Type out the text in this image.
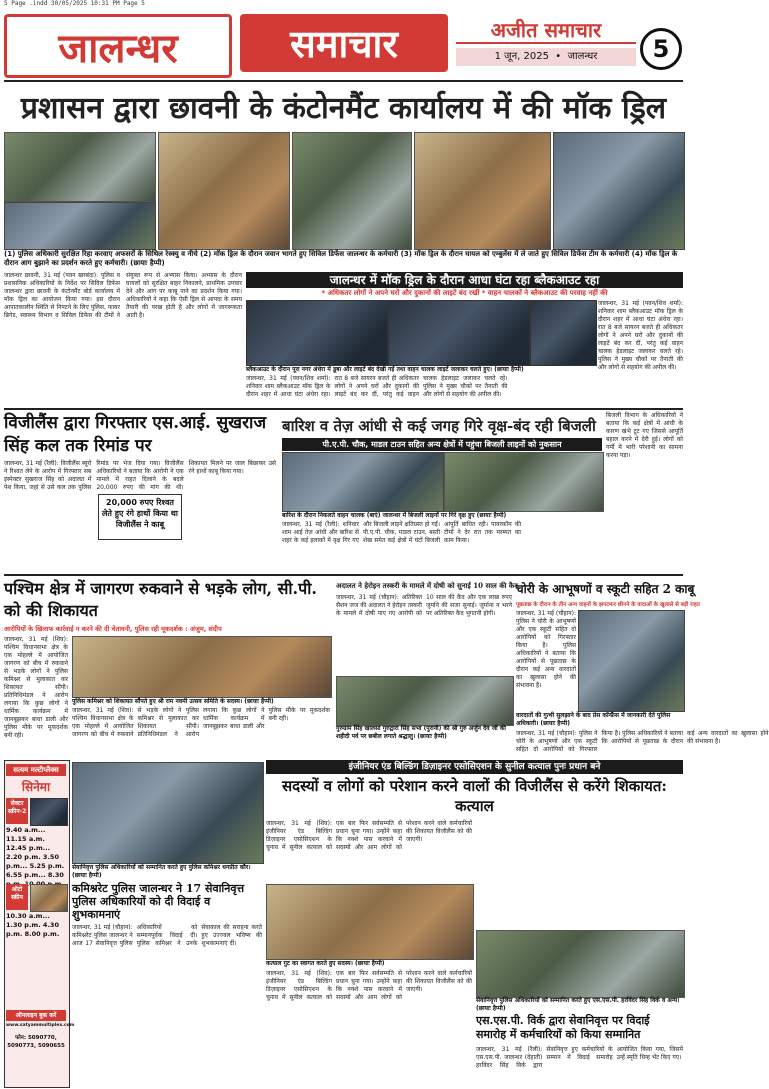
5 Page .indd 30/05/2025 10:31 PM Page 5
जालन्धर	समाचार	अजीत समाचार
1 जून, 2025  •  जालन्धर	5
प्रशासन द्वारा छावनी के कंटोनमैंट कार्यालय में की मॉक ड्रिल
(1) पुलिस अधिकारी सुरक्षित रिहा करवाए अफसरों के सिथिल रेस्क्यु व नीचे (2) मॉक ड्रिल के दौरान जवान भागते हुए सिविल डिफेंस जालन्धर के कर्मचारी (3) मॉक ड्रिल के दौरान घायल को एम्बुलेंस में ले जाते हुए सिविल डिफेंस टीम के कर्मचारी (4) मॉक ड्रिल के दौरान आग बुझाने का प्रदर्शन करते हुए कर्मचारी। (छायाः हैप्पी)
जालन्धर छावनी, 31 मई (पवन खरबंदा): पुलिस व प्रशासनिक अधिकारियों के निर्देश पर सिविल डिफेंस जालन्धर द्वारा छावनी के कंटोनमैंट बोर्ड कार्यालय में मॉक ड्रिल का आयोजन किया गया। इस दौरान आपातकालीन स्थिति से निपटने के लिए पुलिस, फायर ब्रिगेड, स्वास्थ्य विभाग व सिविल डिफेंस की टीमों ने संयुक्त रूप से अभ्यास किया। अभ्यास के दौरान घायलों को सुरक्षित बाहर निकालने, प्राथमिक उपचार देने और आग पर काबू पाने का प्रदर्शन किया गया। अधिकारियों ने कहा कि ऐसी ड्रिल से आपदा के समय तैयारी की परख होती है और लोगों में जागरूकता आती है।
जालन्धर में मॉक ड्रिल के दौरान आधा घंटा रहा ब्लैकआउट रहा
* अधिकतर लोगों ने अपने घरों और दुकानों की लाइटें बंद रखीं * वाहन चालकों ने ब्लैकआउट की परवाह नहीं की
जालन्धर, 31 मई (पवन/शिव शर्मा): शनिवार शाम ब्लैकआउट मॉक ड्रिल के दौरान शहर में आधा घंटा अंधेरा रहा। रात 8 बजे सायरन बजते ही अधिकतर लोगों ने अपने घरों और दुकानों की लाइटें बंद कर दीं, परंतु कई वाहन चालक हेडलाइट जलाकर चलते रहे। पुलिस ने मुख्य चौकों पर तैनाती की और लोगों से सहयोग की अपील की।
ब्लैकआउट के दौरान पूरा नगर अंधेरा में डूबा और लाइटें बंद देखी गईं तथा वाहन चालक लाइटें जलाकर चलते हुए। (छायाः हैप्पी)
जालन्धर, 31 मई (पवन/शिव शर्मा): शनिवार शाम ब्लैकआउट मॉक ड्रिल के दौरान शहर में आधा घंटा अंधेरा रहा। रात 8 बजे सायरन बजते ही अधिकतर लोगों ने अपने घरों और दुकानों की लाइटें बंद कर दीं, परंतु कई वाहन चालक हेडलाइट जलाकर चलते रहे। पुलिस ने मुख्य चौकों पर तैनाती की और लोगों से सहयोग की अपील की।
विजीलैंस द्वारा गिरफ्तार एस.आई. सुखराज सिंह कल तक रिमांड पर
जालन्धर, 31 मई (रैली): विजीलैंस ब्यूरो ने रिश्वत लेने के आरोप में गिरफ्तार सब इंस्पेक्टर सुखराज सिंह को अदालत में पेश किया, जहां से उसे कल तक पुलिस रिमांड पर भेज दिया गया। विजीलैंस अधिकारियों ने बताया कि आरोपी ने एक मामले में राहत दिलाने के बदले 20,000 रुपए की मांग की थी। शिकायत मिलने पर जाल बिछाकर उसे रंगे हाथों काबू किया गया।
20,000 रुपए रिश्वत लेते हुए रंगे हाथों किया था विजीलैंस ने काबू
बारिश व तेज़ आंधी से कई जगह गिरे वृक्ष-बंद रही बिजली
पी.ए.पी. चौक, माडल टाउन सहित अन्य क्षेत्रों में पहुंचा बिजली लाइनों को नुकसान
बारिश के दौरान निकलते वाहन चालक (बाएं) जालन्धर में बिजली लाइनों पर गिरे वृक्ष हुए (छायाः हैप्पी)
जालन्धर, 31 मई (रैली): शनिवार शाम आई तेज़ आंधी और बारिश से शहर के कई इलाकों में वृक्ष गिर गए और बिजली लाइनें क्षतिग्रस्त हो गईं। पी.ए.पी. चौक, माडल टाउन, बस्ती शेख समेत कई क्षेत्रों में घंटों बिजली आपूर्ति बाधित रही। पावरकॉम की टीमों ने देर रात तक मरम्मत का काम किया।
बिजली विभाग के अधिकारियों ने बताया कि कई क्षेत्रों में आंधी के कारण खंभे टूट गए जिससे आपूर्ति बहाल करने में देरी हुई। लोगों को गर्मी में भारी परेशानी का सामना करना पड़ा।
पश्चिम क्षेत्र में जागरण रुकवाने से भड़के लोग, सी.पी. को की शिकायत
आरोपियों के खिलाफ कार्रवाई न करने की दी चेतावनी, पुलिस रही मूकदर्शक : अंजुम, संदीप
जालन्धर, 31 मई (शिव): पश्चिम विधानसभा क्षेत्र के एक मोहल्ले में आयोजित जागरण को बीच में रुकवाने से भड़के लोगों ने पुलिस कमिश्नर से मुलाकात कर शिकायत सौंपी। प्रतिनिधिमंडल ने आरोप लगाया कि कुछ लोगों ने धार्मिक कार्यक्रम में जानबूझकर बाधा डाली और पुलिस मौके पर मूकदर्शक बनी रही।
पुलिस कमिश्नर को शिकायत सौंपते हुए श्री राम नवमी उत्सव समिति के सदस्य। (छायाः हैप्पी)
जालन्धर, 31 मई (शिव): पश्चिम विधानसभा क्षेत्र के एक मोहल्ले में आयोजित जागरण को बीच में रुकवाने से भड़के लोगों ने पुलिस कमिश्नर से मुलाकात कर शिकायत सौंपी। प्रतिनिधिमंडल ने आरोप लगाया कि कुछ लोगों ने धार्मिक कार्यक्रम में जानबूझकर बाधा डाली और पुलिस मौके पर मूकदर्शक बनी रही।
अदालत ने हेरोइन तस्करी के मामले में दोषी को सुनाई 10 साल की कैद
जालन्धर, 31 मई (चौहान): अतिरिक्त सैशन जज की अदालत ने हेरोइन तस्करी के मामले में दोषी पाए गए आरोपी को 10 साल की कैद और एक लाख रुपए जुर्माने की सजा सुनाई। जुर्माना न भरने पर अतिरिक्त कैद भुगतनी होगी।
गुरुग्राम सिंह खालसा गुरुद्वारा सिंह सभा (पुरानी) की श्री गुरु अर्जुन देव जी की शहीदी पर्व पर छबील लगाते श्रद्धालु। (छायाः हैप्पी)
चोरी के आभूषणों व स्कूटी सहित 2 काबू
पूछताछ के दौरान के तीन अन्य वाहनों के झपटमार छीनने के वादाओं के खुलासे से बड़ी राहत
जालन्धर, 31 मई (चौहान): पुलिस ने चोरी के आभूषणों और एक स्कूटी सहित दो आरोपियों को गिरफ्तार किया है। पुलिस अधिकारियों ने बताया कि आरोपियों से पूछताछ के दौरान कई अन्य वारदातों का खुलासा होने की संभावना है।
वारदातों की गुत्थी सुलझाने के बाद प्रेस कॉन्फ्रैंस में जानकारी देते पुलिस अधिकारी। (छायाः हैप्पी)
जालन्धर, 31 मई (चौहान): पुलिस ने चोरी के आभूषणों और एक स्कूटी सहित दो आरोपियों को गिरफ्तार किया है। पुलिस अधिकारियों ने बताया कि आरोपियों से पूछताछ के दौरान कई अन्य वारदातों का खुलासा होने की संभावना है।
इंजीनियर एंड बिल्डिंग डिज़ाइनर एसोसिएशन के सुनील कत्याल पुनः प्रधान बने
सदस्यों व लोगों को परेशान करने वालों की विजीलैंस से करेंगे शिकायत: कत्याल
जालन्धर, 31 मई (शिव): इंजीनियर एंड बिल्डिंग डिज़ाइनर एसोसिएशन के चुनाव में सुनील कत्याल को एक बार फिर सर्वसम्मति से प्रधान चुना गया। उन्होंने कहा कि नक्शे पास करवाने में सदस्यों और आम लोगों को परेशान करने वाले कर्मचारियों की शिकायत विजीलैंस को की जाएगी।
कत्याल गुट का स्वागत करते हुए सदस्य। (छायाः हैप्पी)
जालन्धर, 31 मई (शिव): इंजीनियर एंड बिल्डिंग डिज़ाइनर एसोसिएशन के चुनाव में सुनील कत्याल को एक बार फिर सर्वसम्मति से प्रधान चुना गया। उन्होंने कहा कि नक्शे पास करवाने में सदस्यों और आम लोगों को परेशान करने वाले कर्मचारियों की शिकायत विजीलैंस को की जाएगी।
सत्यम मल्टीप्लैक्स
सिनेमा
सेक्टर स्क्रीन-2
9.40 a.m... 11.15 a.m. 12.45 p.m... 2.20 p.m. 3.50 p.m... 5.25 p.m. 6.55 p.m... 8.30
ऑटो स्क्रीन
10.30 a.m... 1.30 p.m. 4.30 p.m. 8.00 p.m.
ऑनलाइन बुक करें
www.satyammultiplex.com
फोन: 5090770, 5090773, 5090655
सेवानिवृत्त पुलिस अधिकारियों को सम्मानित करते हुए पुलिस कमिश्नर धनप्रीत कौर। (छायाः हैप्पी)
कमिश्नरेट पुलिस जालन्धर ने 17 सेवानिवृत्त पुलिस अधिकारियों को दी विदाई व शुभकामनाएं
जालन्धर, 31 मई (चौहान): कमिश्नरेट पुलिस जालन्धर ने आज 17 सेवानिवृत्त पुलिस अधिकारियों को सम्मानपूर्वक विदाई दी। पुलिस कमिश्नर ने उनके सेवाकाल की सराहना करते हुए उज्ज्वल भविष्य की शुभकामनाएं दीं।
सेवानिवृत्त पुलिस अधिकारियों को सम्मानित करते हुए एस.एस.पी. हरविंदर सिंह विर्क व अन्य। (छायाः हैप्पी)
एस.एस.पी. विर्क द्वारा सेवानिवृत्त पर विदाई समारोह में कर्मचारियों को किया सम्मानित
जालन्धर, 31 मई (रैली): एस.एस.पी. जालन्धर (देहाती) हरविंदर सिंह विर्क द्वारा सेवानिवृत्त हुए कर्मचारियों के सम्मान में विदाई समारोह आयोजित किया गया, जिसमें उन्हें स्मृति चिन्ह भेंट किए गए।
